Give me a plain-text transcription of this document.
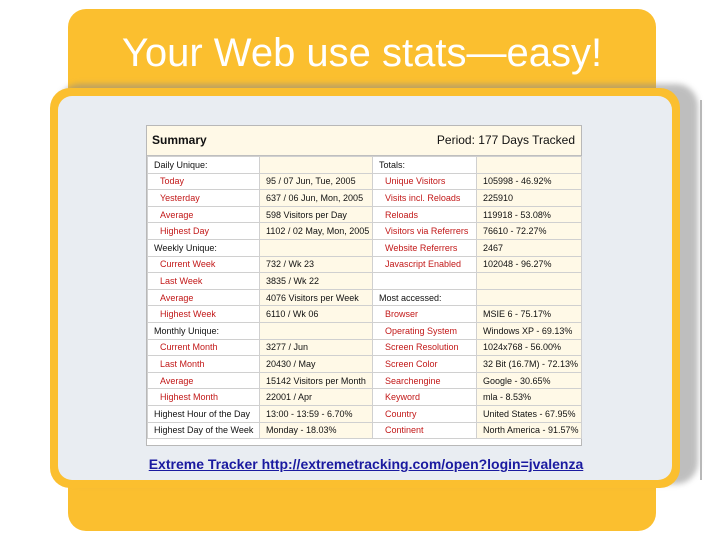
Your Web use stats—easy!
Summary	Period: 177 Days Tracked
Daily Unique:		Totals:	
Today	95 / 07 Jun, Tue, 2005	Unique Visitors	105998 - 46.92%
Yesterday	637 / 06 Jun, Mon, 2005	Visits incl. Reloads	225910
Average	598 Visitors per Day	Reloads	119918 - 53.08%
Highest Day	1102 / 02 May, Mon, 2005	Visitors via Referrers	76610 - 72.27%
Weekly Unique:		Website Referrers	2467
Current Week	732 / Wk 23	Javascript Enabled	102048 - 96.27%
Last Week	3835 / Wk 22		
Average	4076 Visitors per Week	Most accessed:	
Highest Week	6110 / Wk 06	Browser	MSIE 6 - 75.17%
Monthly Unique:		Operating System	Windows XP - 69.13%
Current Month	3277 / Jun	Screen Resolution	1024x768 - 56.00%
Last Month	20430 / May	Screen Color	32 Bit (16.7M) - 72.13%
Average	15142 Visitors per Month	Searchengine	Google - 30.65%
Highest Month	22001 / Apr	Keyword	mla - 8.53%
Highest Hour of the Day	13:00 - 13:59 - 6.70%	Country	United States - 67.95%
Highest Day of the Week	Monday - 18.03%	Continent	North America - 91.57%
Extreme Tracker http://extremetracking.com/open?login=jvalenza
